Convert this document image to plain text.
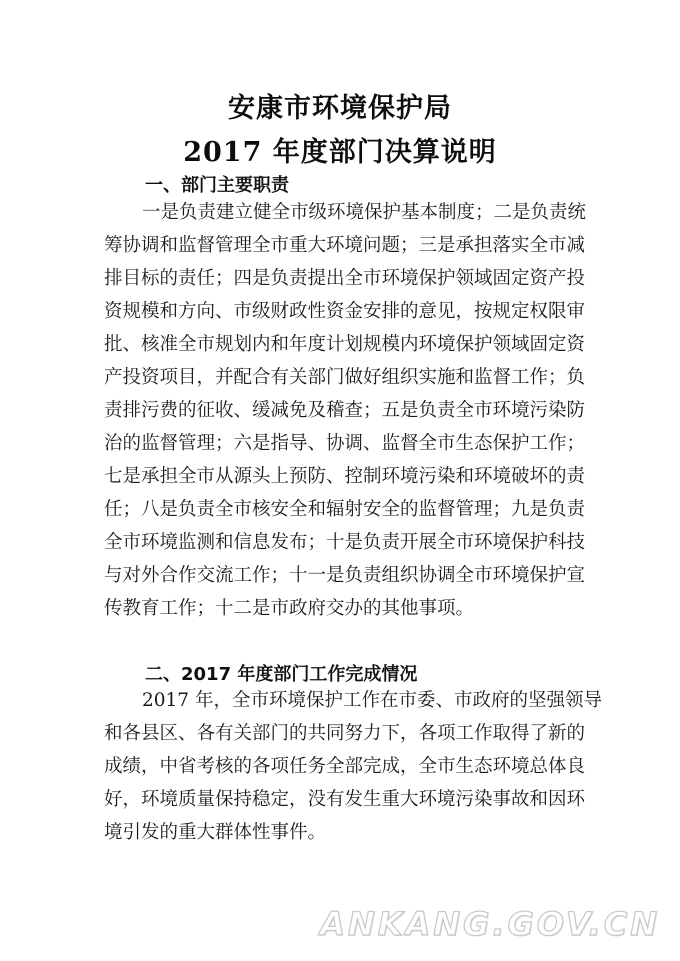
安康市环境保护局
2017 年度部门决算说明
一、部门主要职责
一是负责建立健全市级环境保护基本制度；二是负责统
筹协调和监督管理全市重大环境问题；三是承担落实全市减
排目标的责任；四是负责提出全市环境保护领域固定资产投
资规模和方向、市级财政性资金安排的意见，按规定权限审
批、核准全市规划内和年度计划规模内环境保护领域固定资
产投资项目，并配合有关部门做好组织实施和监督工作；负
责排污费的征收、缓减免及稽查；五是负责全市环境污染防
治的监督管理；六是指导、协调、监督全市生态保护工作；
七是承担全市从源头上预防、控制环境污染和环境破坏的责
任；八是负责全市核安全和辐射安全的监督管理；九是负责
全市环境监测和信息发布；十是负责开展全市环境保护科技
与对外合作交流工作；十一是负责组织协调全市环境保护宣
传教育工作；十二是市政府交办的其他事项。
二、2017 年度部门工作完成情况
2017 年，全市环境保护工作在市委、市政府的坚强领导
和各县区、各有关部门的共同努力下，各项工作取得了新的
成绩，中省考核的各项任务全部完成，全市生态环境总体良
好，环境质量保持稳定，没有发生重大环境污染事故和因环
境引发的重大群体性事件。
ANKANG.GOV.CN
